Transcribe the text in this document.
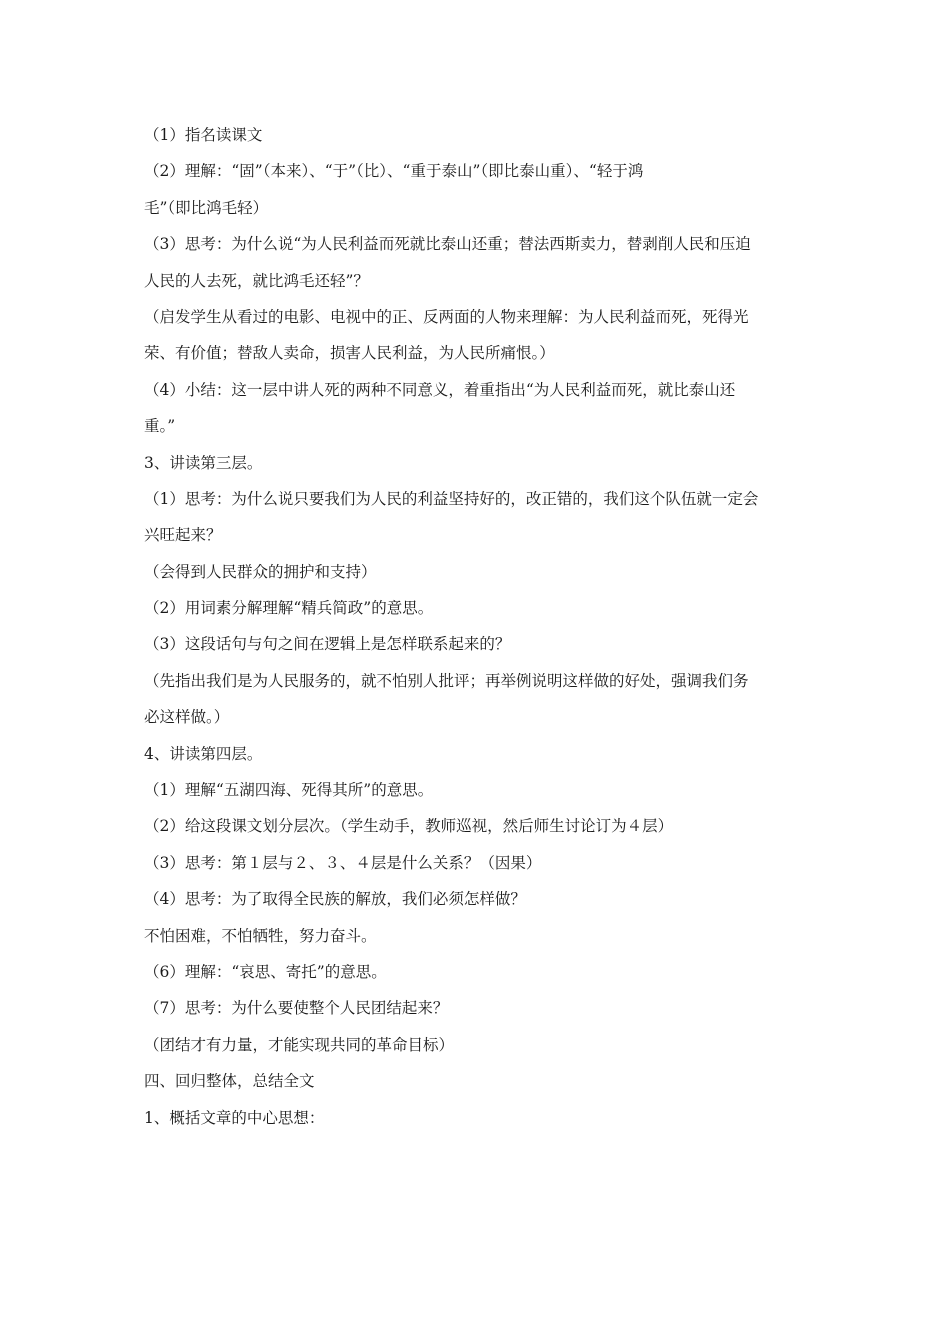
（1）指名读课文
（2）理解：“固”（本来）、“于”（比）、“重于泰山”（即比泰山重）、“轻于鸿
毛”（即比鸿毛轻）
（3）思考：为什么说“为人民利益而死就比泰山还重；替法西斯卖力，替剥削人民和压迫
人民的人去死，就比鸿毛还轻”？
（启发学生从看过的电影、电视中的正、反两面的人物来理解：为人民利益而死，死得光
荣、有价值；替敌人卖命，损害人民利益，为人民所痛恨。）
（4）小结：这一层中讲人死的两种不同意义，着重指出“为人民利益而死，就比泰山还
重。”
3、讲读第三层。
（1）思考：为什么说只要我们为人民的利益坚持好的，改正错的，我们这个队伍就一定会
兴旺起来？
（会得到人民群众的拥护和支持）
（2）用词素分解理解“精兵简政”的意思。
（3）这段话句与句之间在逻辑上是怎样联系起来的？
（先指出我们是为人民服务的，就不怕别人批评；再举例说明这样做的好处，强调我们务
必这样做。）
4、讲读第四层。
（1）理解“五湖四海、死得其所”的意思。
（2）给这段课文划分层次。（学生动手，教师巡视，然后师生讨论订为４层）
（3）思考：第１层与２、３、４层是什么关系？（因果）
（4）思考：为了取得全民族的解放，我们必须怎样做？
不怕困难，不怕牺牲，努力奋斗。
（6）理解：“哀思、寄托”的意思。
（7）思考：为什么要使整个人民团结起来？
（团结才有力量，才能实现共同的革命目标）
四、回归整体，总结全文
1、概括文章的中心思想：
